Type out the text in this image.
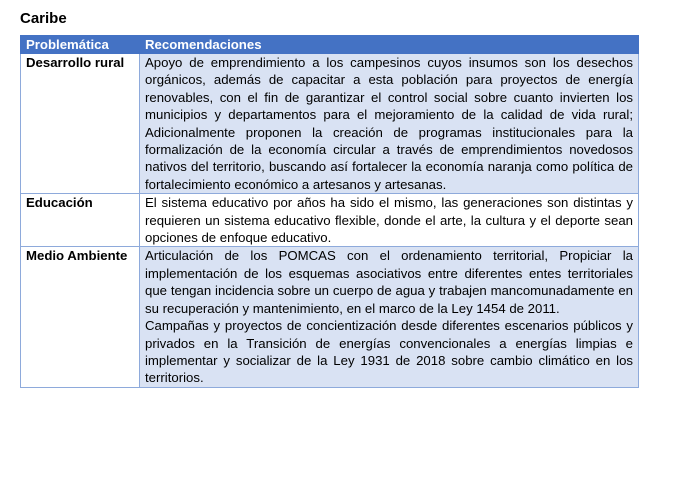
Caribe
Problemática	Recomendaciones
Desarrollo rural	Apoyo de emprendimiento a los campesinos cuyos insumos son los desechos orgánicos, además de capacitar a esta población para proyectos de energía renovables, con el fin de garantizar el control social sobre cuanto invierten los municipios y departamentos para el mejoramiento de la calidad de vida rural; Adicionalmente proponen la creación de programas institucionales para la formalización de la economía circular a través de emprendimientos novedosos nativos del territorio, buscando así fortalecer la economía naranja como política de fortalecimiento económico a artesanos y artesanas.

Educación	El sistema educativo por años ha sido el mismo, las generaciones son distintas y requieren un sistema educativo flexible, donde el arte, la cultura y el deporte sean opciones de enfoque educativo.

Medio Ambiente	Articulación de los POMCAS con el ordenamiento territorial, Propiciar la implementación de los esquemas asociativos entre diferentes entes territoriales que tengan incidencia sobre un cuerpo de agua y trabajen mancomunadamente en su recuperación y mantenimiento, en el marco de la Ley 1454 de 2011.
Campañas y proyectos de concientización desde diferentes escenarios públicos y privados en la Transición de energías convencionales a energías limpias e implementar y socializar de la Ley 1931 de 2018 sobre cambio climático en los territorios.
